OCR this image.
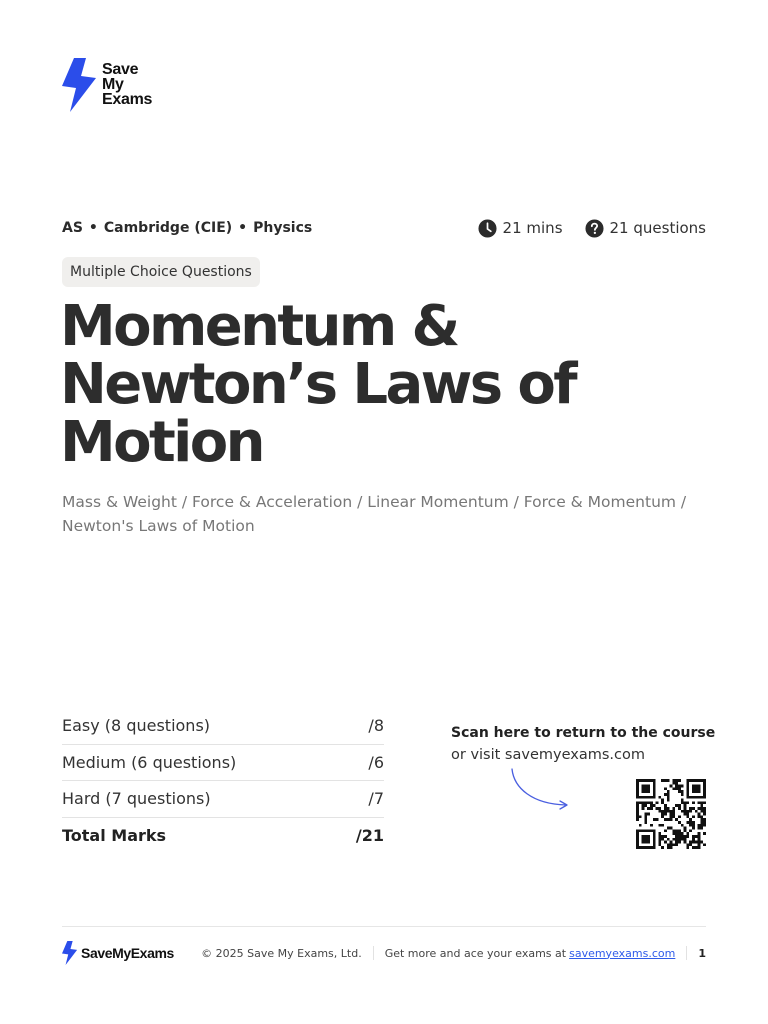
Save
My
Exams
AS • Cambridge (CIE) • Physics	21 mins	21 questions
Multiple Choice Questions
Momentum &
Newton’s Laws of
Motion

Mass & Weight / Force & Acceleration / Linear Momentum / Force & Momentum / Newton's Laws of Motion

Easy (8 questions)	/8
Medium (6 questions)	/6
Hard (7 questions)	/7
Total Marks	/21
Scan here to return to the course
or visit savemyexams.com
SaveMyExams © 2025 Save My Exams, Ltd. Get more and ace your exams at savemyexams.com 1
